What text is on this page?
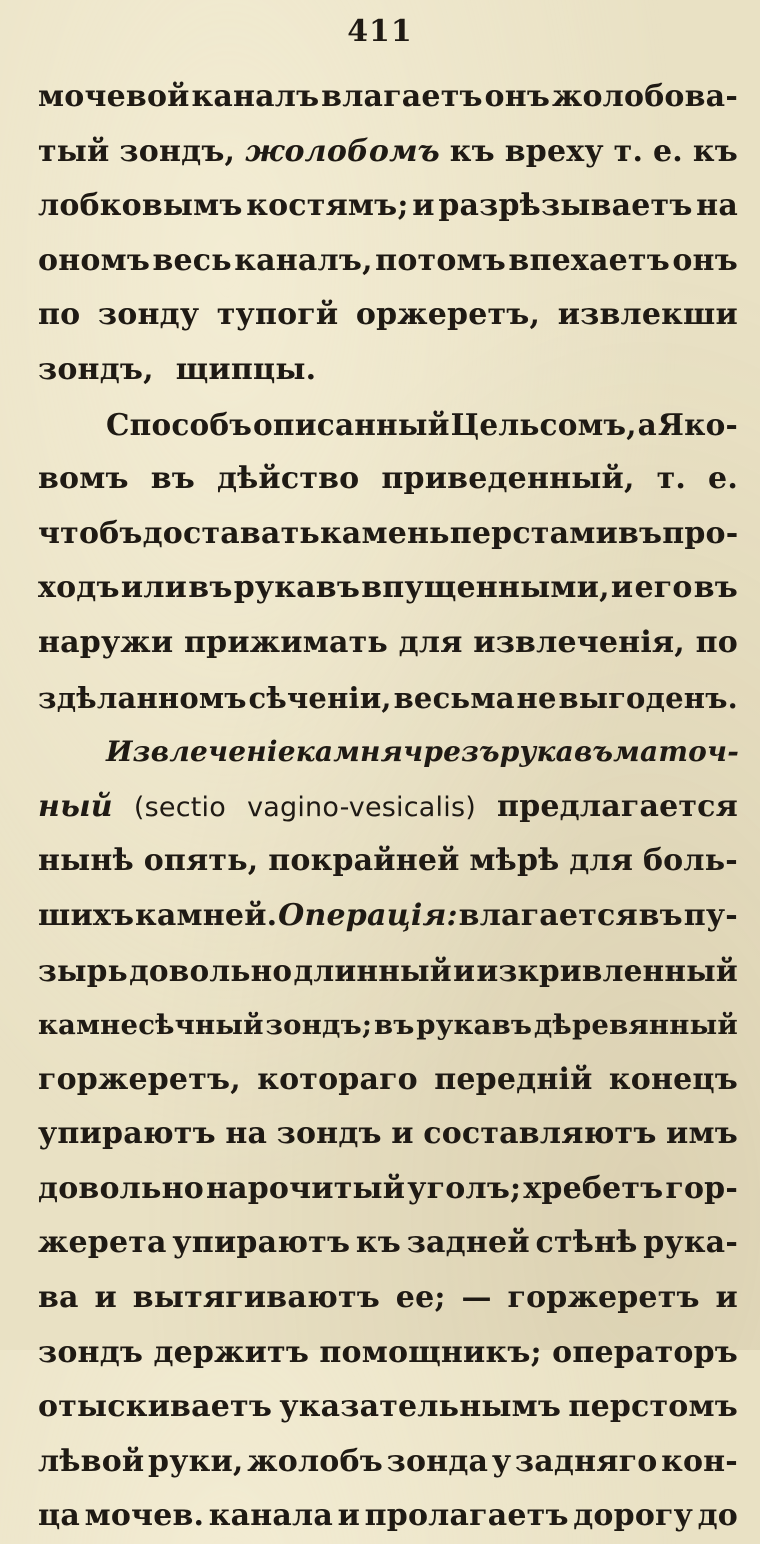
411
мочевой каналъ влагаетъ онъ жолобова-
тый зондъ, жолобомъ къ вреху т. е. къ
лобковымъ костямъ; и разрѣзываетъ на
ономъ весь каналъ, потомъ впехаетъ онъ
по зонду тупогй оржеретъ, извлекши
зондъ, щипцы.
Способъ описанный Цельсомъ, а Яко-
вомъ въ дѣйство приведенный, т. е.
чтобъ доставать камень перстами въ про-
ходъ или въ рукавъ впущенными, и его въ
наружи прижимать для извлеченія, по
здѣланномъ сѣченіи, весьма не выгоденъ.
Извлеченіе камня чрезъ рукавъ маточ-
ный (sectio vagino-vesicalis) предлагается
нынѣ опять, покрайней мѣрѣ для боль-
шихъ камней. Операція: влагается въ пу-
зырь довольно длинный и изкривленный
камнесѣчный зондъ; въ рукавъ дѣревянный
горжеретъ, котораго передній конецъ
упираютъ на зондъ и составляютъ имъ
довольно нарочитый уголъ; хребетъ гор-
жерета упираютъ къ задней стѣнѣ рука-
ва и вытягиваютъ ее; — горжеретъ и
зондъ держитъ помощникъ; операторъ
отыскиваетъ указательнымъ перстомъ
лѣвой руки, жолобъ зонда у задняго кон-
ца мочев. канала и пролагаетъ дорогу до
